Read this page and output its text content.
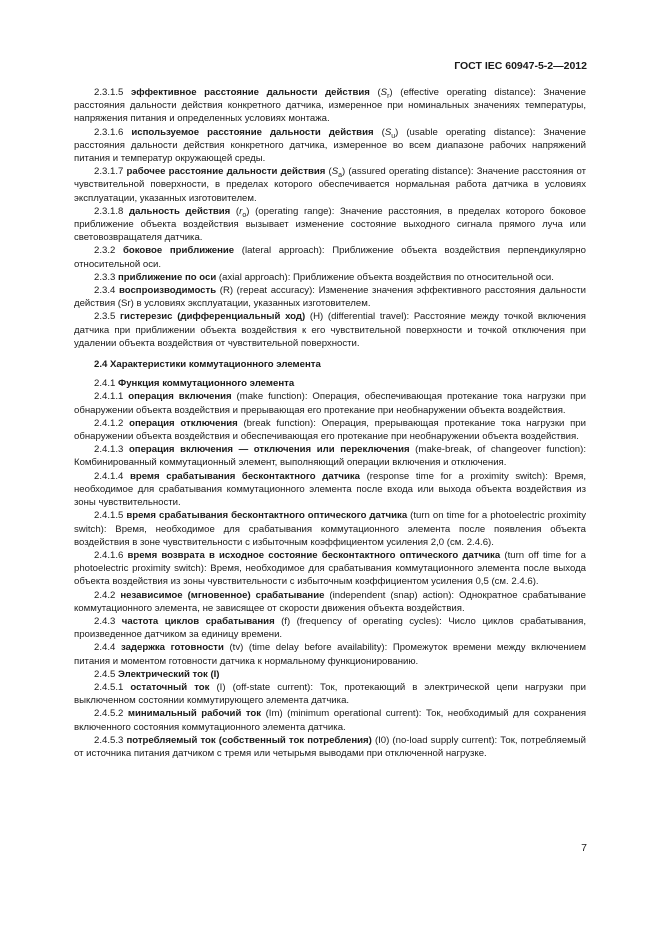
ГОСТ IEC 60947-5-2—2012

2.3.1.5 эффективное расстояние дальности действия $(S_r)$ (effective operating distance): Значение расстояния дальности действия конкретного датчика, измеренное при номинальных значениях температуры, напряжения питания и определенных условиях монтажа.

2.3.1.6 используемое расстояние дальности действия $(S_u)$ (usable operating distance): Значение расстояния дальности действия конкретного датчика, измеренное во всем диапазоне рабочих напряжений питания и температур окружающей среды.

2.3.1.7 рабочее расстояние дальности действия $(S_a)$ (assured operating distance): Значение расстояния от чувствительной поверхности, в пределах которого обеспечивается нормальная работа датчика в условиях эксплуатации, указанных изготовителем.

2.3.1.8 дальность действия $(r_o)$ (operating range): Значение расстояния, в пределах которого боковое приближение объекта воздействия вызывает изменение состояние выходного сигнала прямого луча или световозвращателя датчика.

2.3.2 боковое приближение (lateral approach): Приближение объекта воздействия перпендикулярно относительной оси.

2.3.3 приближение по оси (axial approach): Приближение объекта воздействия по относительной оси.

2.3.4 воспроизводимость (R) (repeat accuracy): Изменение значения эффективного расстояния дальности действия (Sr) в условиях эксплуатации, указанных изготовителем.

2.3.5 гистерезис (дифференциальный ход) (H) (differential travel): Расстояние между точкой включения датчика при приближении объекта воздействия к его чувствительной поверхности и точкой отключения при удалении объекта воздействия от чувствительной поверхности.

2.4 Характеристики коммутационного элемента

2.4.1 Функция коммутационного элемента

2.4.1.1 операция включения (make function): Операция, обеспечивающая протекание тока нагрузки при обнаружении объекта воздействия и прерывающая его протекание при необнаружении объекта воздействия.

2.4.1.2 операция отключения (break function): Операция, прерывающая протекание тока нагрузки при обнаружении объекта воздействия и обеспечивающая его протекание при необнаружении объекта воздействия.

2.4.1.3 операция включения — отключения или переключения (make-break, of changeover function): Комбинированный коммутационный элемент, выполняющий операции включения и отключения.

2.4.1.4 время срабатывания бесконтактного датчика (response time for a proximity switch): Время, необходимое для срабатывания коммутационного элемента после входа или выхода объекта воздействия из зоны чувствительности.

2.4.1.5 время срабатывания бесконтактного оптического датчика (turn on time for a photoelectric proximity switch): Время, необходимое для срабатывания коммутационного элемента после появления объекта воздействия в зоне чувствительности с избыточным коэффициентом усиления 2,0 (см. 2.4.6).

2.4.1.6 время возврата в исходное состояние бесконтактного оптического датчика (turn off time for a photoelectric proximity switch): Время, необходимое для срабатывания коммутационного элемента после выхода объекта воздействия из зоны чувствительности с избыточным коэффициентом усиления 0,5 (см. 2.4.6).

2.4.2 независимое (мгновенное) срабатывание (independent (snap) action): Однократное срабатывание коммутационного элемента, не зависящее от скорости движения объекта воздействия.

2.4.3 частота циклов срабатывания (f) (frequency of operating cycles): Число циклов срабатывания, произведенное датчиком за единицу времени.

2.4.4 задержка готовности (tv) (time delay before availability): Промежуток времени между включением питания и моментом готовности датчика к нормальному функционированию.

2.4.5 Электрический ток (I)

2.4.5.1 остаточный ток (I) (off-state current): Ток, протекающий в электрической цепи нагрузки при выключенном состоянии коммутирующего элемента датчика.

2.4.5.2 минимальный рабочий ток (Im) (minimum operational current): Ток, необходимый для сохранения включенного состояния коммутационного элемента датчика.

2.4.5.3 потребляемый ток (собственный ток потребления) (I0) (no-load supply current): Ток, потребляемый от источника питания датчиком с тремя или четырьмя выводами при отключенной нагрузке.

7
